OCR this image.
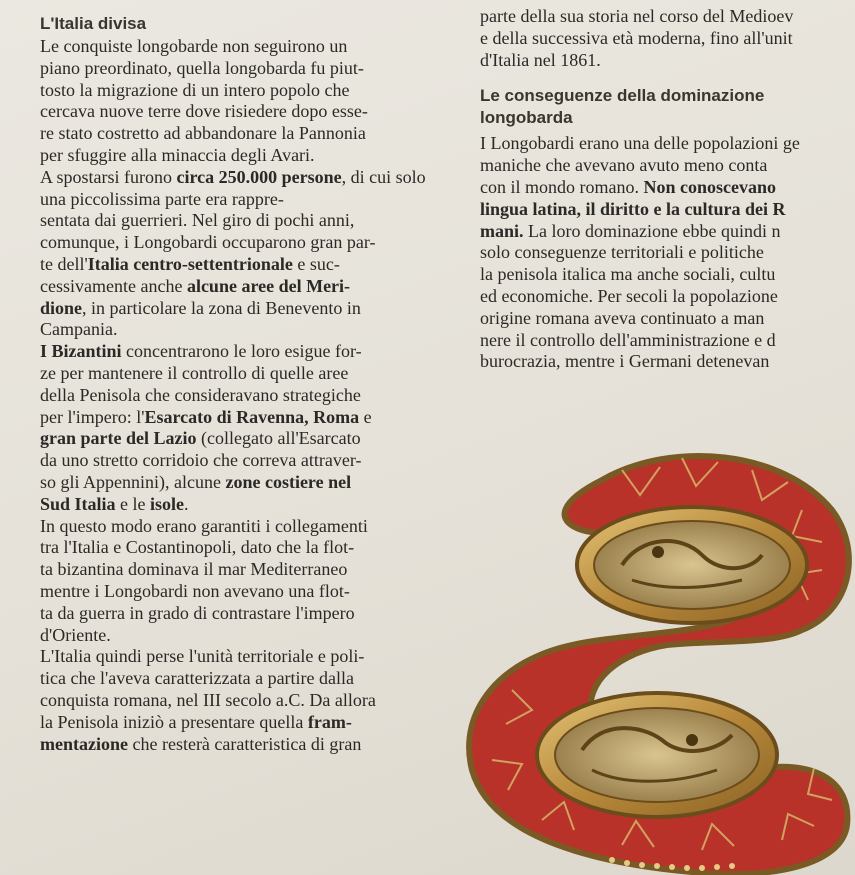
L'Italia divisa

Le conquiste longobarde non seguirono un
piano preordinato, quella longobarda fu piut-
tosto la migrazione di un intero popolo che
cercava nuove terre dove risiedere dopo esse-
re stato costretto ad abbandonare la Pannonia
per sfuggire alla minaccia degli Avari.
A spostarsi furono circa 250.000 persone, di cui solo una piccolissima parte era rappre-
sentata dai guerrieri. Nel giro di pochi anni,
comunque, i Longobardi occuparono gran par-
te dell'Italia centro-settentrionale e suc-
cessivamente anche alcune aree del Meri-
dione, in particolare la zona di Benevento in
Campania.
I Bizantini concentrarono le loro esigue for-
ze per mantenere il controllo di quelle aree
della Penisola che consideravano strategiche
per l'impero: l'Esarcato di Ravenna, Roma e
gran parte del Lazio (collegato all'Esarcato
da uno stretto corridoio che correva attraver-
so gli Appennini), alcune zone costiere nel
Sud Italia e le isole.
In questo modo erano garantiti i collegamenti
tra l'Italia e Costantinopoli, dato che la flot-
ta bizantina dominava il mar Mediterraneo
mentre i Longobardi non avevano una flot-
ta da guerra in grado di contrastare l'impero
d'Oriente.
L'Italia quindi perse l'unità territoriale e poli-
tica che l'aveva caratterizzata a partire dalla
conquista romana, nel III secolo a.C. Da allora
la Penisola iniziò a presentare quella fram-
mentazione che resterà caratteristica di gran

parte della sua storia nel corso del Medioev
e della successiva età moderna, fino all'unit
d'Italia nel 1861.

Le conseguenze della dominazione
longobarda

I Longobardi erano una delle popolazioni ge
maniche che avevano avuto meno conta
con il mondo romano. Non conoscevano
lingua latina, il diritto e la cultura dei R
mani. La loro dominazione ebbe quindi n
solo conseguenze territoriali e politiche
la penisola italica ma anche sociali, cultu
ed economiche. Per secoli la popolazione
origine romana aveva continuato a man
nere il controllo dell'amministrazione e d
burocrazia, mentre i Germani detenevan
